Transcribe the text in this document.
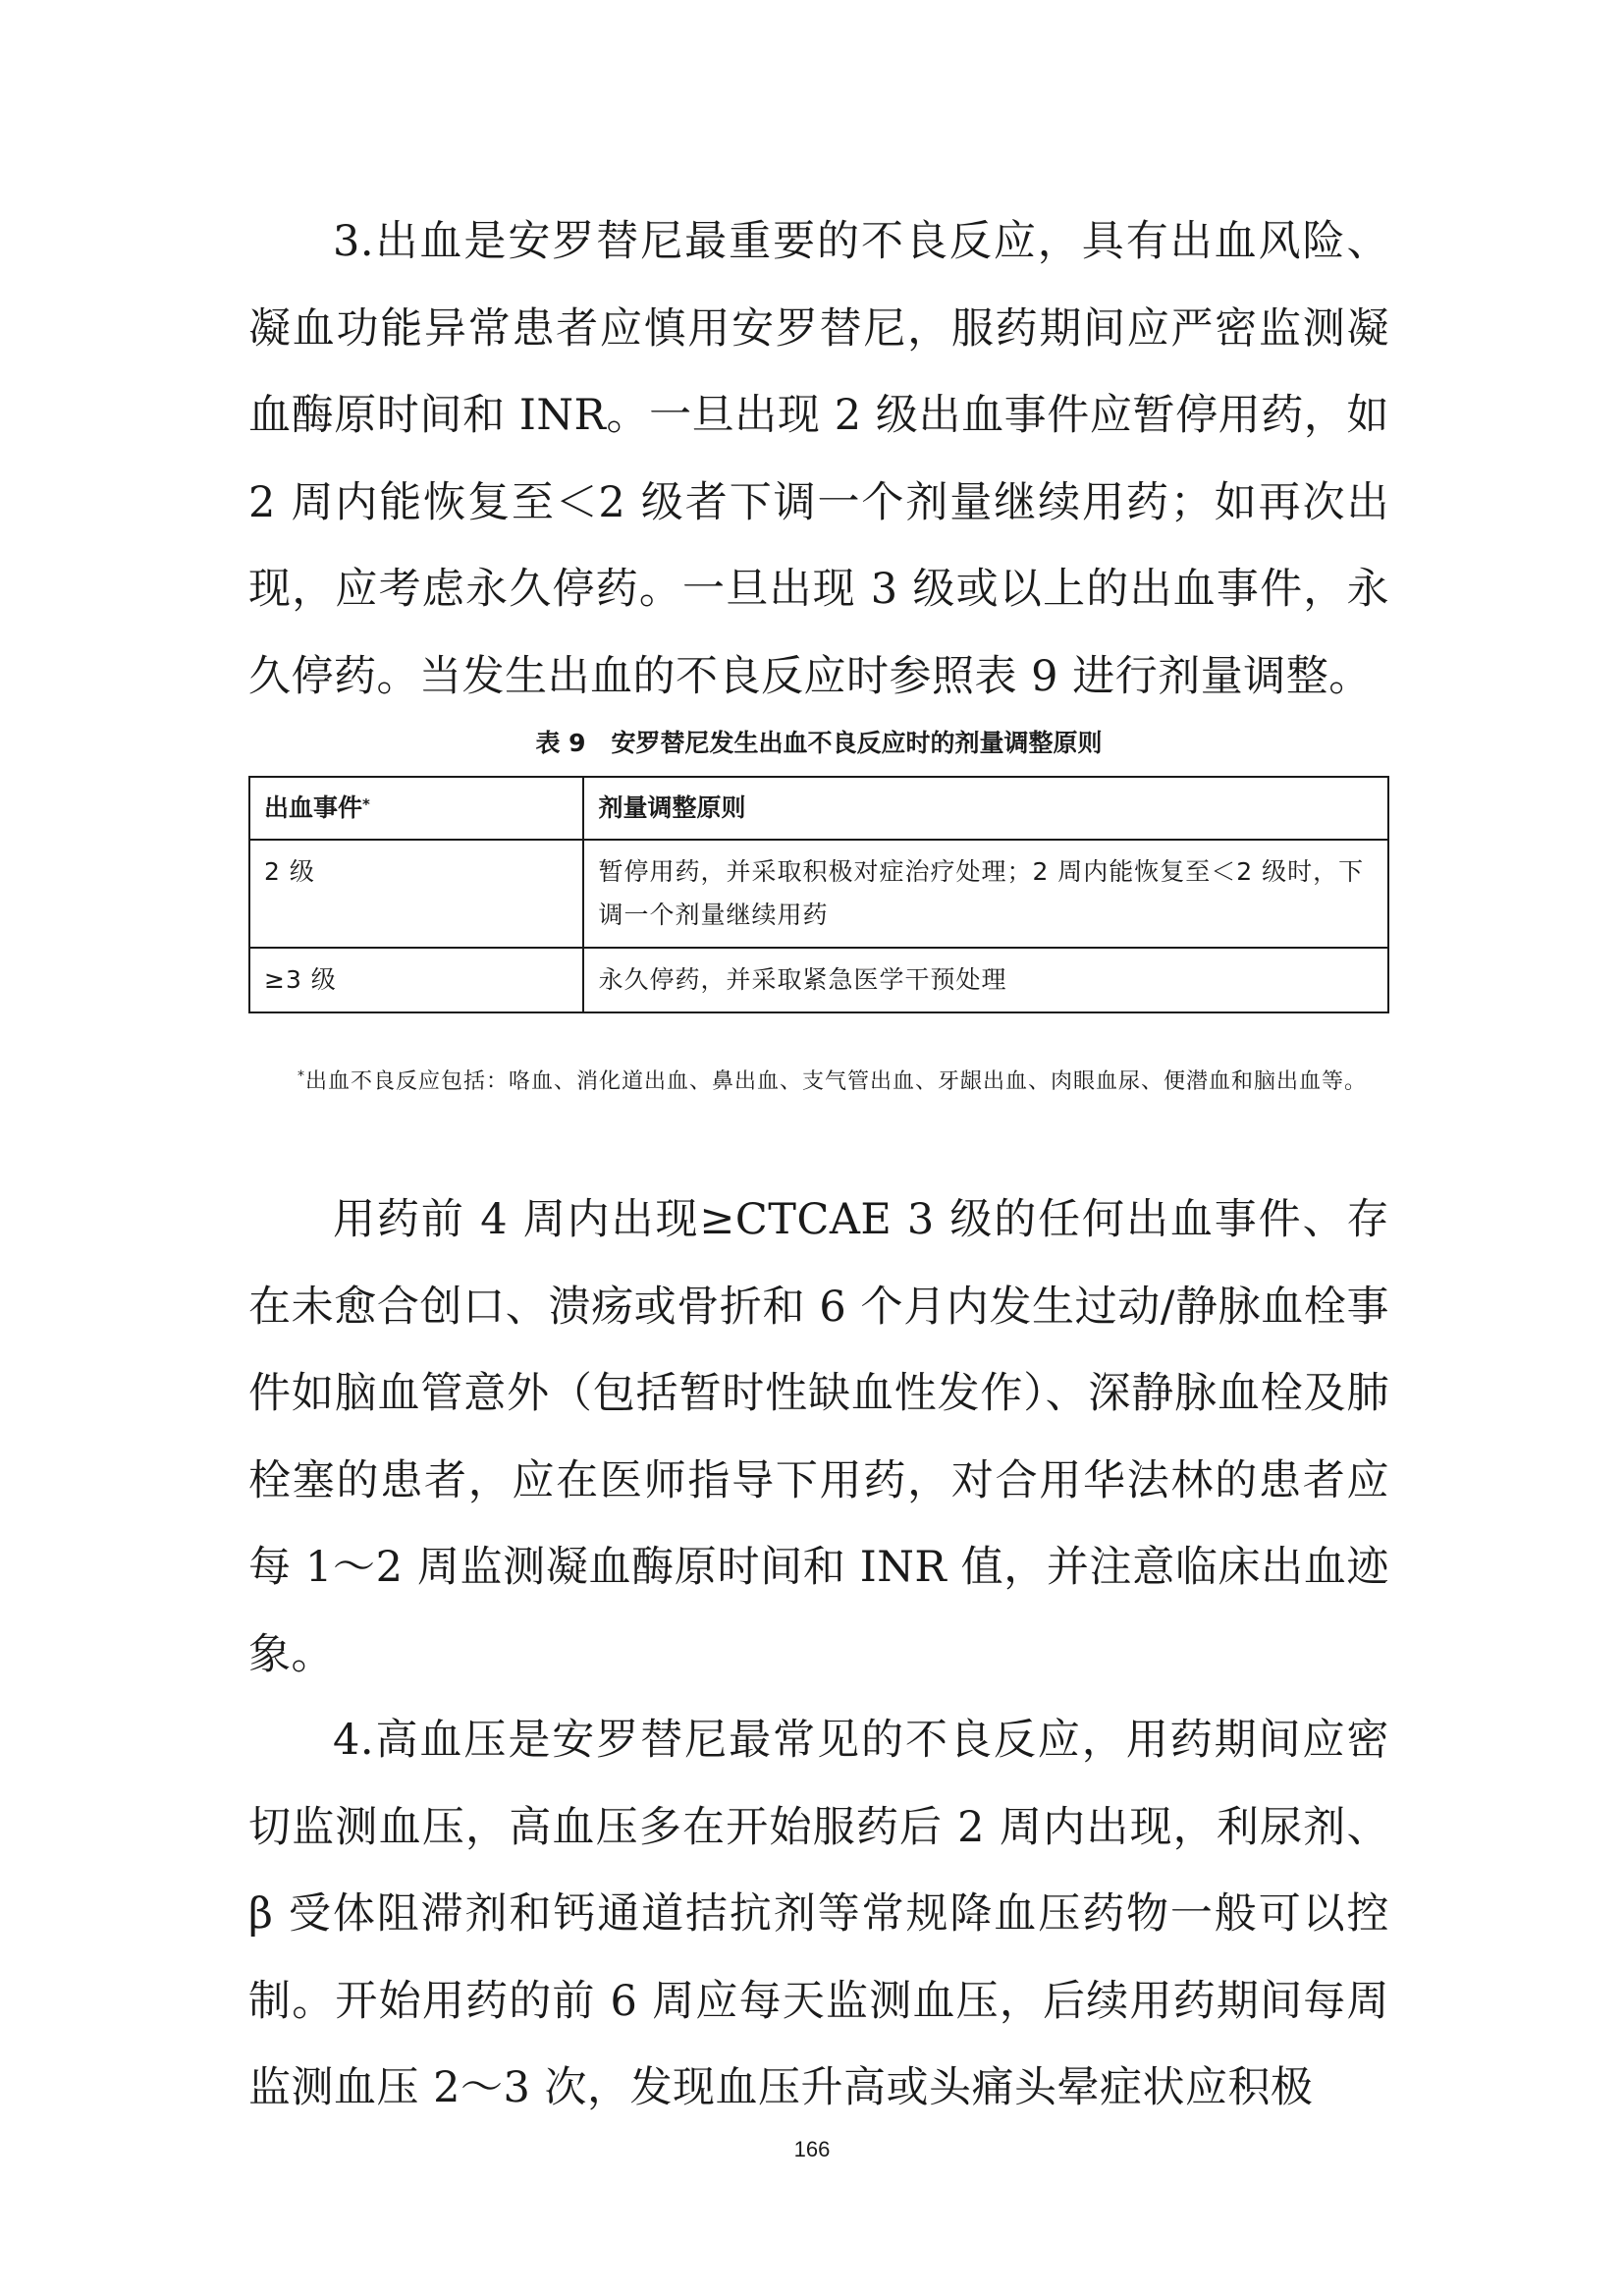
3.出血是安罗替尼最重要的不良反应，具有出血风险、凝血功能异常患者应慎用安罗替尼，服药期间应严密监测凝血酶原时间和 INR。一旦出现 2 级出血事件应暂停用药，如 2 周内能恢复至＜2 级者下调一个剂量继续用药；如再次出现，应考虑永久停药。一旦出现 3 级或以上的出血事件，永久停药。当发生出血的不良反应时参照表 9 进行剂量调整。

表 9 安罗替尼发生出血不良反应时的剂量调整原则

出血事件*	剂量调整原则
2 级	暂停用药，并采取积极对症治疗处理；2 周内能恢复至＜2 级时，下调一个剂量继续用药
≥3 级	永久停药，并采取紧急医学干预处理

*出血不良反应包括：咯血、消化道出血、鼻出血、支气管出血、牙龈出血、肉眼血尿、便潜血和脑出血等。

用药前 4 周内出现≥CTCAE 3 级的任何出血事件、存在未愈合创口、溃疡或骨折和 6 个月内发生过动/静脉血栓事件如脑血管意外（包括暂时性缺血性发作）、深静脉血栓及肺栓塞的患者，应在医师指导下用药，对合用华法林的患者应每 1～2 周监测凝血酶原时间和 INR 值，并注意临床出血迹象。

4.高血压是安罗替尼最常见的不良反应，用药期间应密切监测血压，高血压多在开始服药后 2 周内出现，利尿剂、β 受体阻滞剂和钙通道拮抗剂等常规降血压药物一般可以控制。开始用药的前 6 周应每天监测血压，后续用药期间每周监测血压 2～3 次，发现血压升高或头痛头晕症状应积极

166
